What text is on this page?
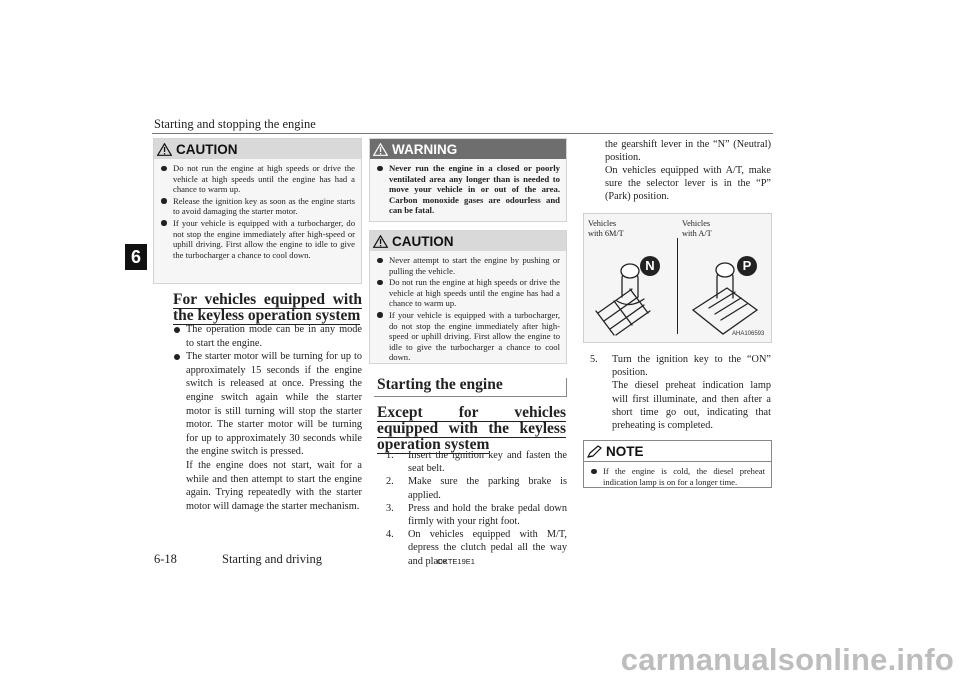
Starting and stopping the engine
6
CAUTION
Do not run the engine at high speeds or drive the vehicle at high speeds until the engine has had a chance to warm up.
Release the ignition key as soon as the engine starts to avoid damaging the starter motor.
If your vehicle is equipped with a turbocharger, do not stop the engine immediately after high-speed or uphill driving. First allow the engine to idle to give the turbocharger a chance to cool down.
For vehicles equipped with the keyless operation system
The operation mode can be in any mode to start the engine.
The starter motor will be turning for up to approximately 15 seconds if the engine switch is released at once. Pressing the engine switch again while the starter motor is still turning will stop the starter motor. The starter motor will be turning for up to approximately 30 seconds while the engine switch is pressed.
If the engine does not start, wait for a while and then attempt to start the engine again. Trying repeatedly with the starter motor will damage the starter mechanism.
WARNING
Never run the engine in a closed or poorly ventilated area any longer than is needed to move your vehicle in or out of the area. Carbon monoxide gases are odourless and can be fatal.
CAUTION
Never attempt to start the engine by pushing or pulling the vehicle.
Do not run the engine at high speeds or drive the vehicle at high speeds until the engine has had a chance to warm up.
If your vehicle is equipped with a turbocharger, do not stop the engine immediately after high-speed or uphill driving. First allow the engine to idle to give the turbocharger a chance to cool down.
Starting the engine
Except for vehicles equipped with the keyless operation system
1. Insert the ignition key and fasten the seat belt.
2. Make sure the parking brake is applied.
3. Press and hold the brake pedal down firmly with your right foot.
4. On vehicles equipped with M/T, depress the clutch pedal all the way and place
the gearshift lever in the “N” (Neutral) position.
On vehicles equipped with A/T, make sure the selector lever is in the “P” (Park) position.
Vehicles
with 6M/T
Vehicles
with A/T
N	P
AHA106593
5. Turn the ignition key to the “ON” position.
The diesel preheat indication lamp will first illuminate, and then after a short time go out, indicating that preheating is completed.
NOTE
If the engine is cold, the diesel preheat indication lamp is on for a longer time.
6-18	Starting and driving	OKTE19E1
carmanualsonline.info
